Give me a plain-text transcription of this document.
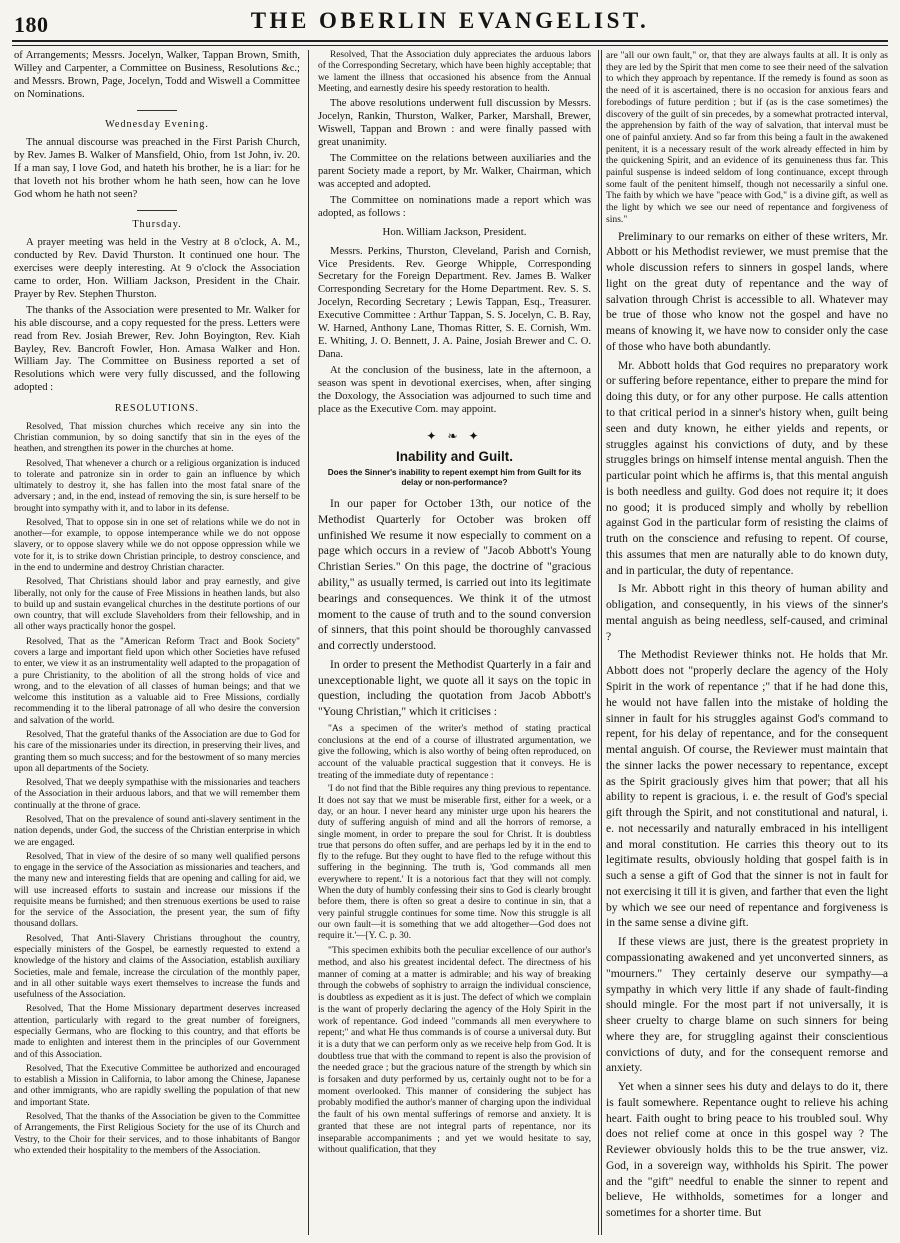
180	THE OBERLIN EVANGELIST.

of Arrangements; Messrs. Jocelyn, Walker, Tappan Brown, Smith, Willey and Carpenter, a Committee on Business, Resolutions &c.; and Messrs. Brown, Page, Jocelyn, Todd and Wiswell a Committee on Nominations.

Wednesday Evening.

The annual discourse was preached in the First Parish Church, by Rev. James B. Walker of Mansfield, Ohio, from 1st John, iv. 20. If a man say, I love God, and hateth his brother, he is a liar: for he that loveth not his brother whom he hath seen, how can he love God whom he hath not seen?

Thursday.

A prayer meeting was held in the Vestry at 8 o'clock, A. M., conducted by Rev. David Thurston. It continued one hour. The exercises were deeply interesting. At 9 o'clock the Association came to order, Hon. William Jackson, President in the Chair. Prayer by Rev. Stephen Thurston.

The thanks of the Association were presented to Mr. Walker for his able discourse, and a copy requested for the press. Letters were read from Rev. Josiah Brewer, Rev. John Boyington, Rev. Kiah Bayley, Rev. Bancroft Fowler, Hon. Amasa Walker and Hon. William Jay. The Committee on Business reported a set of Resolutions which were very fully discussed, and the following adopted :

RESOLUTIONS.

Resolved, That mission churches which receive any sin into the Christian communion, by so doing sanctify that sin in the eyes of the heathen, and strengthen its power in the churches at home.

Resolved, That whenever a church or a religious organization is induced to tolerate and patronize sin in order to gain an influence by which ultimately to destroy it, she has fallen into the most fatal snare of the adversary ; and, in the end, instead of removing the sin, is sure herself to be brought into sympathy with it, and to labor in its defense.

Resolved, That to oppose sin in one set of relations while we do not in another—for example, to oppose intemperance while we do not oppose slavery, or to oppose slavery while we do not oppose oppression while we vote for it, is to strike down Christian principle, to destroy conscience, and in the end to undermine and destroy Christian character.

Resolved, That Christians should labor and pray earnestly, and give liberally, not only for the cause of Free Missions in heathen lands, but also to build up and sustain evangelical churches in the destitute portions of our own country, that will exclude Slaveholders from their fellowship, and in all other ways practically honor the gospel.

Resolved, That as the "American Reform Tract and Book Society" covers a large and important field upon which other Societies have refused to enter, we view it as an instrumentality well adapted to the propagation of a pure Christianity, to the abolition of all the strong holds of vice and wrong, and to the elevation of all classes of human beings; and that we welcome this institution as a valuable aid to Free Missions, cordially recommending it to the liberal patronage of all who desire the conversion and salvation of the world.

Resolved, That the grateful thanks of the Association are due to God for his care of the missionaries under its direction, in preserving their lives, and granting them so much success; and for the bestowment of so many mercies upon all departments of the Society.

Resolved, That we deeply sympathise with the missionaries and teachers of the Association in their arduous labors, and that we will remember them continually at the throne of grace.

Resolved, That on the prevalence of sound anti-slavery sentiment in the nation depends, under God, the success of the Christian enterprise in which we are engaged.

Resolved, That in view of the desire of so many well qualified persons to engage in the service of the Association as missionaries and teachers, and the many new and interesting fields that are opening and calling for aid, we will use increased efforts to sustain and increase our missions if the requisite means be furnished; and then strenuous exertions be used to raise for the service of the Association, the present year, the sum of fifty thousand dollars.

Resolved, That Anti-Slavery Christians throughout the country, especially ministers of the Gospel, be earnestly requested to extend a knowledge of the history and claims of the Association, establish auxiliary Societies, male and female, increase the circulation of the monthly paper, and in all other suitable ways exert themselves to increase the funds and usefulness of the Association.

Resolved, That the Home Missionary department deserves increased attention, particularly with regard to the great number of foreigners, especially Germans, who are flocking to this country, and that efforts be made to enlighten and interest them in the principles of our Government and of this Association.

Resolved, That the Executive Committee be authorized and encouraged to establish a Mission in California, to labor among the Chinese, Japanese and other immigrants, who are rapidly swelling the population of that new and important State.

Resolved, That the thanks of the Association be given to the Committee of Arrangements, the First Religious Society for the use of its Church and Vestry, to the Choir for their services, and to those inhabitants of Bangor who extended their hospitality to the members of the Association.

Resolved, That the Association duly appreciates the arduous labors of the Corresponding Secretary, which have been highly acceptable; that we lament the illness that occasioned his absence from the Annual Meeting, and earnestly desire his speedy restoration to health.

The above resolutions underwent full discussion by Messrs. Jocelyn, Rankin, Thurston, Walker, Parker, Marshall, Brewer, Wiswell, Tappan and Brown : and were finally passed with great unanimity.

The Committee on the relations between auxiliaries and the parent Society made a report, by Mr. Walker, Chairman, which was accepted and adopted.

The Committee on nominations made a report which was adopted, as follows :

Hon. William Jackson, President.

Messrs. Perkins, Thurston, Cleveland, Parish and Cornish, Vice Presidents. Rev. George Whipple, Corresponding Secretary for the Foreign Department. Rev. James B. Walker Corresponding Secretary for the Home Department. Rev. S. S. Jocelyn, Recording Secretary ; Lewis Tappan, Esq., Treasurer. Executive Committee : Arthur Tappan, S. S. Jocelyn, C. B. Ray, W. Harned, Anthony Lane, Thomas Ritter, S. E. Cornish, Wm. E. Whiting, J. O. Bennett, J. A. Paine, Josiah Brewer and C. O. Dana.

At the conclusion of the business, late in the afternoon, a season was spent in devotional exercises, when, after singing the Doxology, the Association was adjourned to such time and place as the Executive Com. may appoint.

✦ ❧ ✦
Inability and Guilt.
Does the Sinner's inability to repent exempt him from Guilt for its delay or non-performance?

In our paper for October 13th, our notice of the Methodist Quarterly for October was broken off unfinished We resume it now especially to comment on a page which occurs in a review of "Jacob Abbott's Young Christian Series." On this page, the doctrine of "gracious ability," as usually termed, is carried out into its legitimate bearings and consequences. We think it of the utmost moment to the cause of truth and to the sound conversion of sinners, that this point should be thoroughly canvassed and correctly understood.

In order to present the Methodist Quarterly in a fair and unexceptionable light, we quote all it says on the topic in question, including the quotation from Jacob Abbott's "Young Christian," which it criticises :

"As a specimen of the writer's method of stating practical conclusions at the end of a course of illustrated argumentation, we give the following, which is also worthy of being often reproduced, on account of the valuable practical suggestion that it conveys. He is treating of the immediate duty of repentance :

'I do not find that the Bible requires any thing previous to repentance. It does not say that we must be miserable first, either for a week, or a day, or an hour. I never heard any minister urge upon his hearers the duty of suffering anguish of mind and all the horrors of remorse, a single moment, in order to prepare the soul for Christ. It is doubtless true that persons do often suffer, and are perhaps led by it in the end to fly to the refuge. But they ought to have fled to the refuge without this suffering in the beginning. The truth is, 'God commands all men everywhere to repent.' It is a notorious fact that they will not comply. When the duty of humbly confessing their sins to God is clearly brought before them, there is often so great a desire to continue in sin, that a very painful struggle continues for some time. Now this struggle is all our own fault—it is something that we add altogether—God does not require it.'—[Y. C. p. 30.

"This specimen exhibits both the peculiar excellence of our author's method, and also his greatest incidental defect. The directness of his manner of coming at a matter is admirable; and his way of breaking through the cobwebs of sophistry to arraign the individual conscience, is doubtless as expedient as it is just. The defect of which we complain is the want of properly declaring the agency of the Holy Spirit in the work of repentance. God indeed "commands all men everywhere to repent;" and what He thus commands is of course a universal duty. But it is a duty that we can perform only as we receive help from God. It is doubtless true that with the command to repent is also the provision of the needed grace ; but the gracious nature of the strength by which sin is forsaken and duty performed by us, certainly ought not to be for a moment overlooked. This manner of considering the subject has probably modified the author's manner of charging upon the individual the fault of his own mental sufferings of remorse and anxiety. It is granted that these are not integral parts of repentance, nor its inseparable accompaniments ; and yet we would hesitate to say, without qualification, that they

are "all our own fault," or, that they are always faults at all. It is only as they are led by the Spirit that men come to see their need of the salvation to which they approach by repentance. If the remedy is found as soon as the need of it is ascertained, there is no occasion for anxious fears and forebodings of future perdition ; but if (as is the case sometimes) the discovery of the guilt of sin precedes, by a somewhat protracted interval, the apprehension by faith of the way of salvation, that interval must be one of painful anxiety. And so far from this being a fault in the awakened penitent, it is a necessary result of the work already effected in him by the quickening Spirit, and an evidence of its genuineness thus far. This painful suspense is indeed seldom of long continuance, except through some fault of the penitent himself, though not necessarily a sinful one. The faith by which we have "peace with God," is a divine gift, as well as the light by which we see our need of repentance and forgiveness of sins."

Preliminary to our remarks on either of these writers, Mr. Abbott or his Methodist reviewer, we must premise that the whole discussion refers to sinners in gospel lands, where light on the great duty of repentance and the way of salvation through Christ is accessible to all. Whatever may be true of those who know not the gospel and have no means of knowing it, we have now to consider only the case of those who have both abundantly.

Mr. Abbott holds that God requires no preparatory work or suffering before repentance, either to prepare the mind for doing this duty, or for any other purpose. He calls attention to that critical period in a sinner's history when, guilt being seen and duty known, he either yields and repents, or struggles against his convictions of duty, and by these struggles brings on himself intense mental anguish. Then the particular point which he affirms is, that this mental anguish is both needless and guilty. God does not require it; it does no good; it is produced simply and wholly by rebellion against God in the particular form of resisting the claims of truth on the conscience and refusing to repent. Of course, this assumes that men are naturally able to do known duty, and in particular, the duty of repentance.

Is Mr. Abbott right in this theory of human ability and obligation, and consequently, in his views of the sinner's mental anguish as being needless, self-caused, and criminal ?

The Methodist Reviewer thinks not. He holds that Mr. Abbott does not "properly declare the agency of the Holy Spirit in the work of repentance ;" that if he had done this, he would not have fallen into the mistake of holding the sinner in fault for his struggles against God's command to repent, for his delay of repentance, and for the consequent mental anguish. Of course, the Reviewer must maintain that the sinner lacks the power necessary to repentance, except as the Spirit graciously gives him that power; that all his ability to repent is gracious, i. e. the result of God's special gift through the Spirit, and not constitutional and natural, i. e. not necessarily and naturally embraced in his intelligent and moral constitution. He carries this theory out to its legitimate results, obviously holding that gospel faith is in such a sense a gift of God that the sinner is not in fault for not exercising it till it is given, and farther that even the light by which we see our need of repentance and forgiveness is in the same sense a divine gift.

If these views are just, there is the greatest propriety in compassionating awakened and yet unconverted sinners, as "mourners." They certainly deserve our sympathy—a sympathy in which very little if any shade of fault-finding should mingle. For the most part if not universally, it is sheer cruelty to charge blame on such sinners for being where they are, for struggling against their conscientious convictions of duty, and for the consequent remorse and anxiety.

Yet when a sinner sees his duty and delays to do it, there is fault somewhere. Repentance ought to relieve his aching heart. Faith ought to bring peace to his troubled soul. Why does not relief come at once in this gospel way ? The Reviewer obviously holds this to be the true answer, viz. God, in a sovereign way, withholds his Spirit. The power and the "gift" needful to enable the sinner to repent and believe, He withholds, sometimes for a longer and sometimes for a shorter time. But
